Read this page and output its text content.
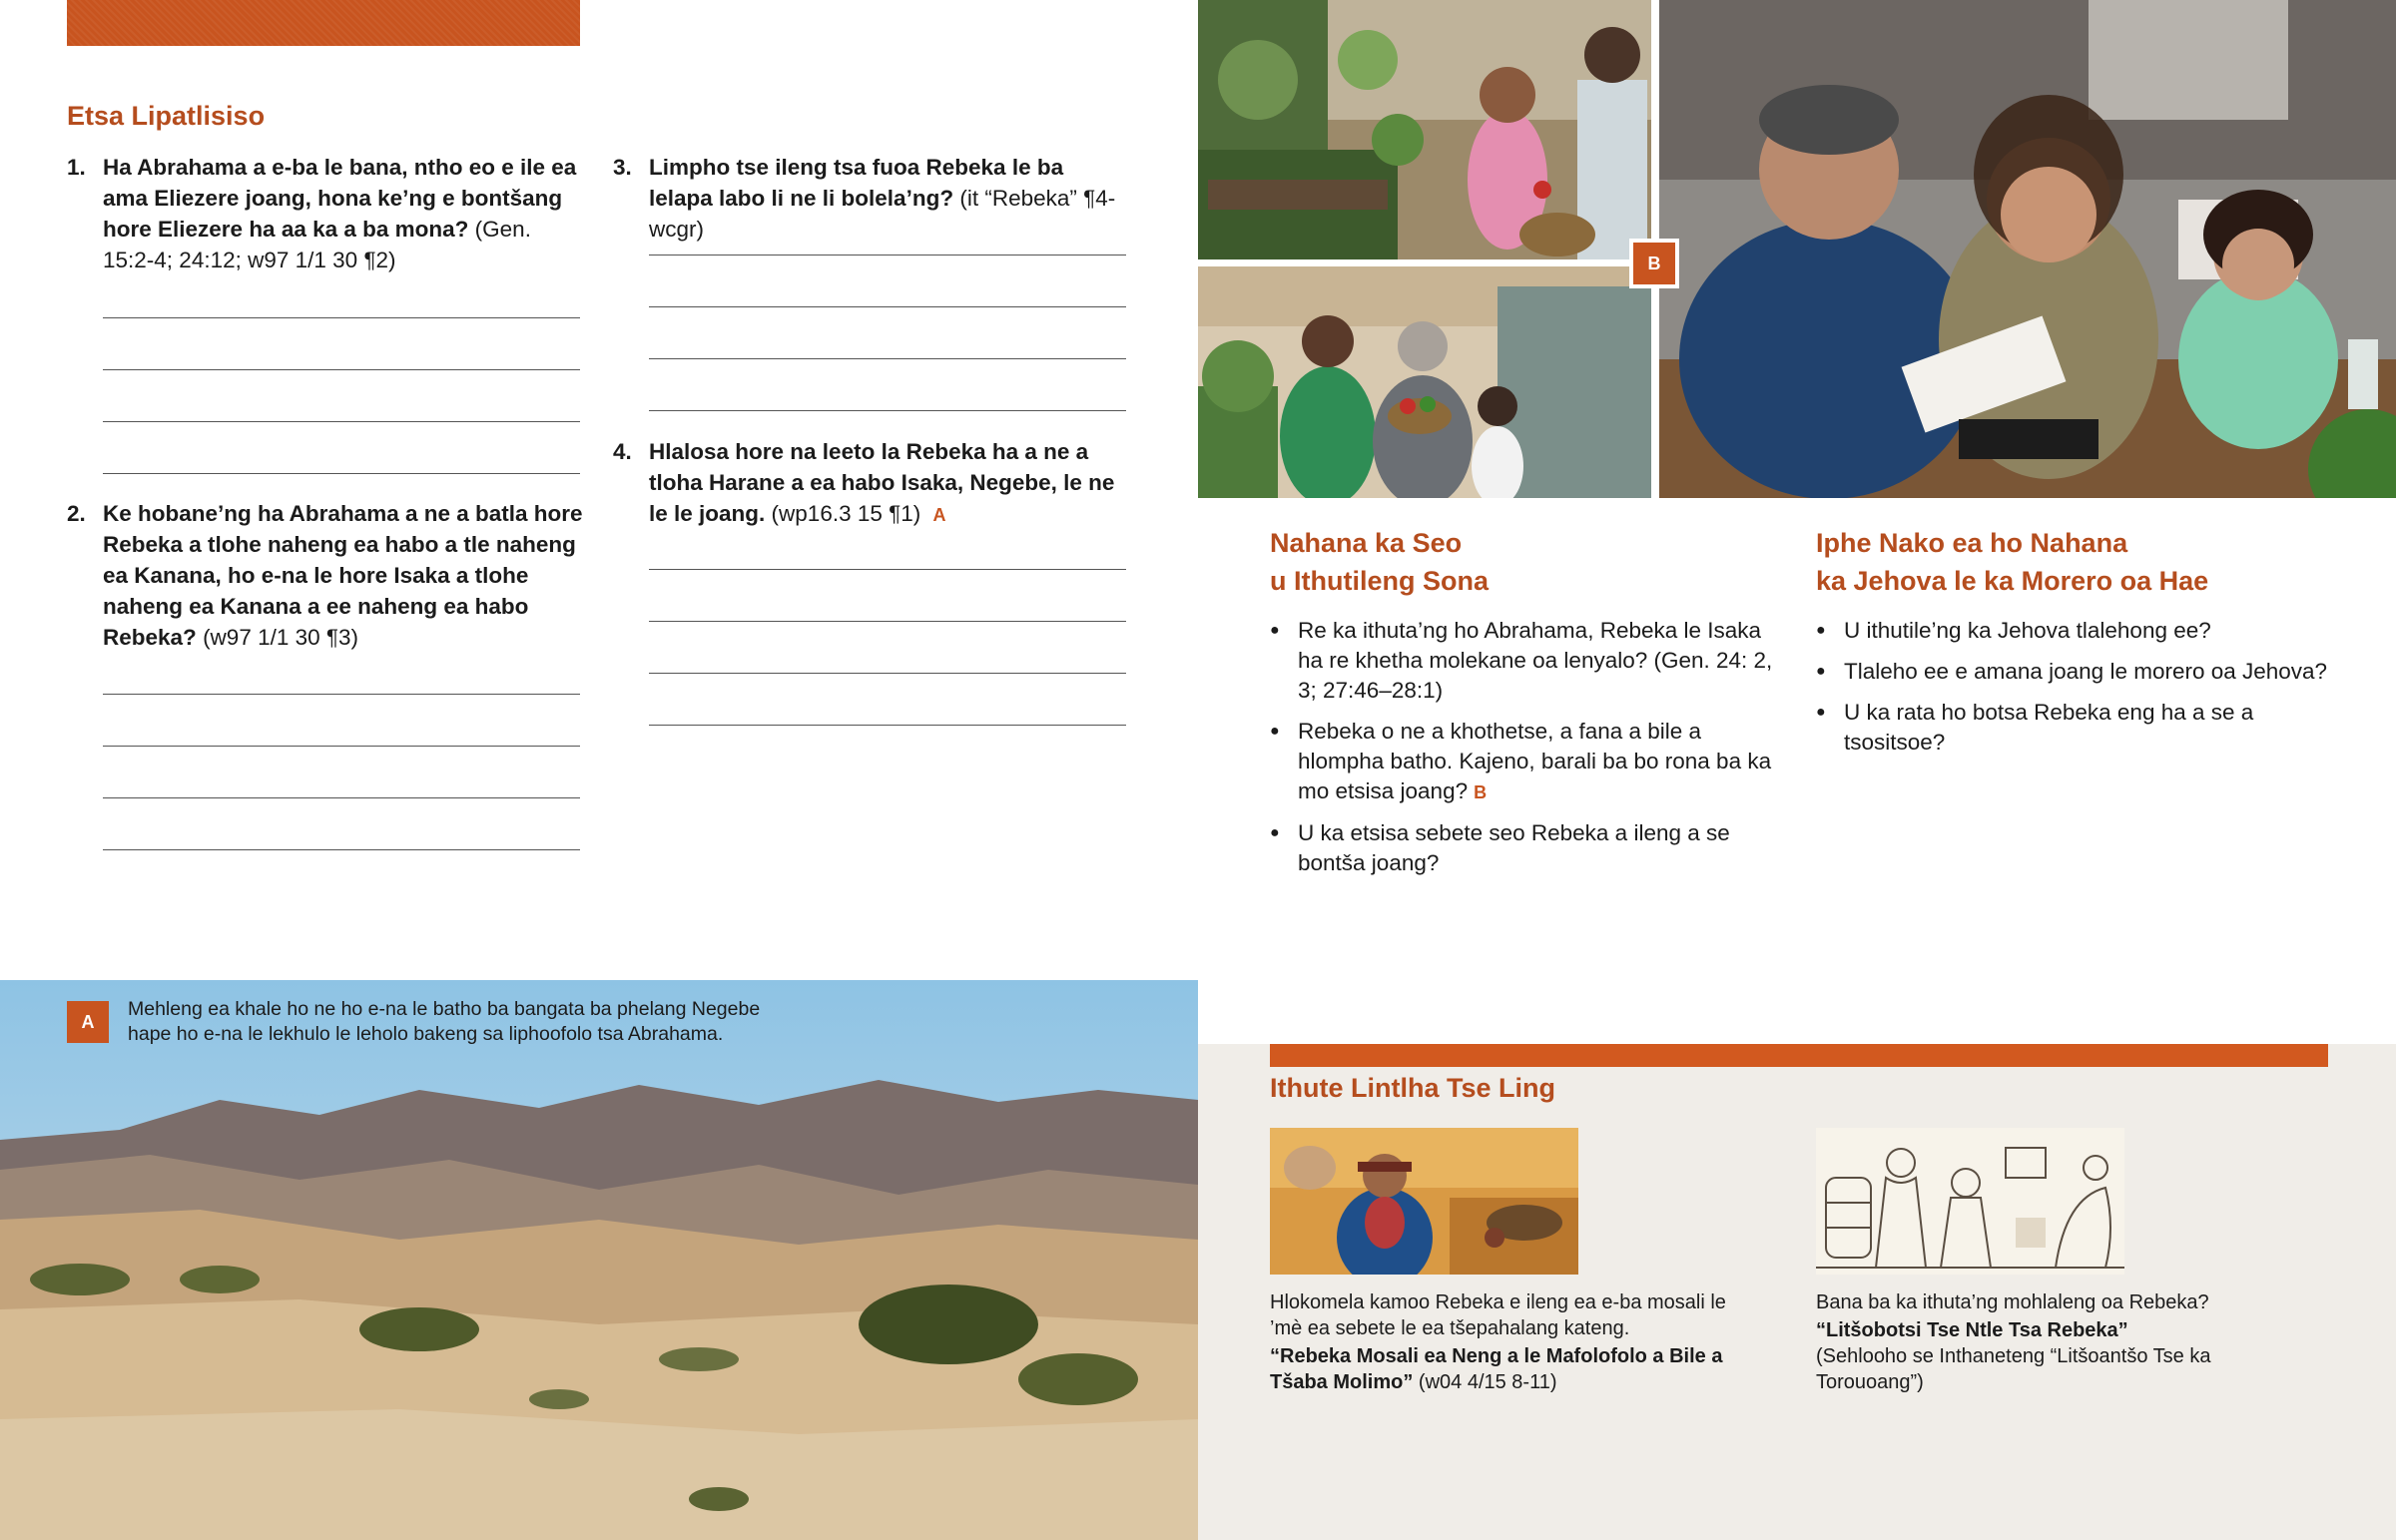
Etsa Lipatlisiso
1. Ha Abrahama a e-ba le bana, ntho eo e ile ea ama Eliezere joang, hona ke’ng e bontšang hore Eliezere ha aa ka a ba mona? (Gen. 15:2-4; 24:12; w97 1/1 30 ¶2)
2. Ke hobane’ng ha Abrahama a ne a batla hore Rebeka a tlohe naheng ea habo a tle naheng ea Kanana, ho e-na le hore Isaka a tlohe naheng ea Kanana a ee naheng ea habo Rebeka? (w97 1/1 30 ¶3)
3. Limpho tse ileng tsa fuoa Rebeka le ba lelapa labo li ne li bolela’ng? (it “Rebeka” ¶4-wcgr)
4. Hlalosa hore na leeto la Rebeka ha a ne a tloha Harane a ea habo Isaka, Negebe, le ne le le joang. (wp16.3 15 ¶1) A
B
Nahana ka Seo
u Ithutileng Sona
● Re ka ithuta’ng ho Abrahama, Rebeka le Isaka ha re khetha molekane oa lenyalo? (Gen. 24: 2, 3; 27:46–28:1)
● Rebeka o ne a khothetse, a fana a bile a hlompha batho. Kajeno, barali ba bo rona ba ka mo etsisa joang? B
● U ka etsisa sebete seo Rebeka a ileng a se bontša joang?
Iphe Nako ea ho Nahana
ka Jehova le ka Morero oa Hae
● U ithutile’ng ka Jehova tlalehong ee?
● Tlaleho ee e amana joang le morero oa Jehova?
● U ka rata ho botsa Rebeka eng ha a se a tsositsoe?
A
Mehleng ea khale ho ne ho e-na le batho ba bangata ba phelang Negebe hape ho e-na le lekhulo le leholo bakeng sa liphoofolo tsa Abrahama.
Ithute Lintlha Tse Ling
Hlokomela kamoo Rebeka e ileng ea e-ba mosali le ’mè ea sebete le ea tšepahalang kateng.
“Rebeka Mosali ea Neng a le Mafolofolo a Bile a Tšaba Molimo” (w04 4/15 8-11)
Bana ba ka ithuta’ng mohlaleng oa Rebeka?
“Litšobotsi Tse Ntle Tsa Rebeka”
(Sehlooho se Inthaneteng “Litšoantšo Tse ka Torouoang”)
